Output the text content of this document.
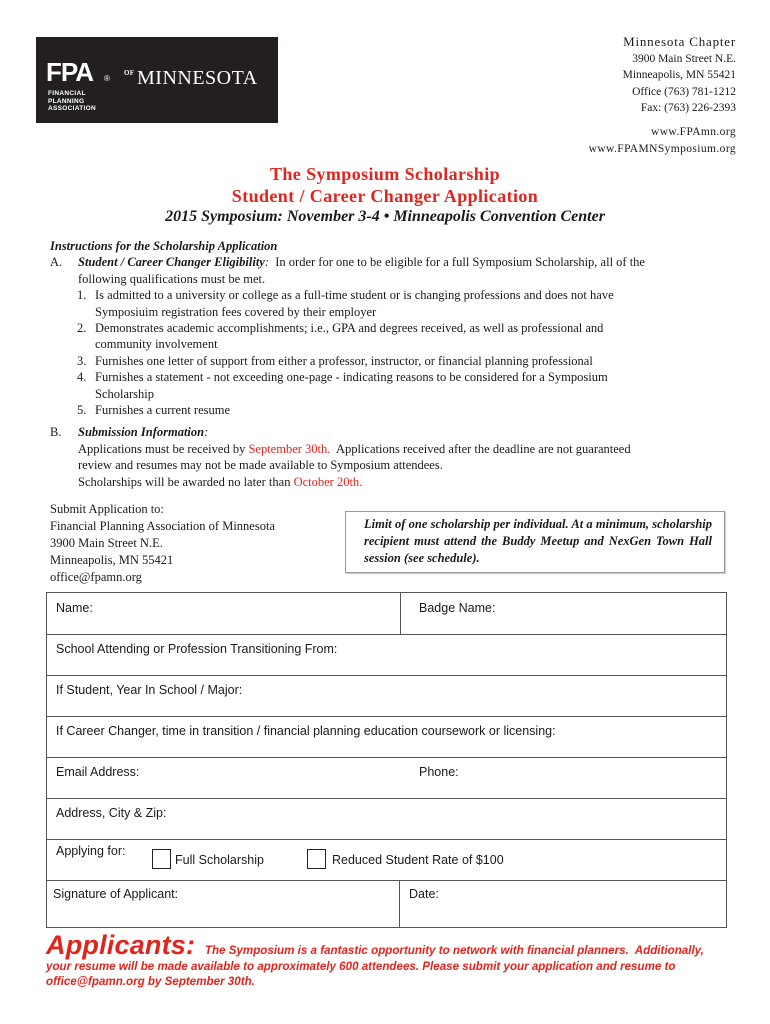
FPA ®
FINANCIAL
PLANNING
ASSOCIATION
OF MINNESOTA
Minnesota Chapter
3900 Main Street N.E.
Minneapolis, MN 55421
Office (763) 781-1212
Fax: (763) 226-2393
www.FPAmn.org
www.FPAMNSymposium.org
The Symposium Scholarship
Student / Career Changer Application
2015 Symposium: November 3-4 • Minneapolis Convention Center
Instructions for the Scholarship Application
A. Student / Career Changer Eligibility:  In order for one to be eligible for a full Symposium Scholarship, all of the
following qualifications must be met.
1. Is admitted to a university or college as a full-time student or is changing professions and does not have
Symposiuim registration fees covered by their employer
2. Demonstrates academic accomplishments; i.e., GPA and degrees received, as well as professional and
community involvement
3. Furnishes one letter of support from either a professor, instructor, or financial planning professional
4. Furnishes a statement - not exceeding one-page - indicating reasons to be considered for a Symposium
Scholarship
5. Furnishes a current resume
B. Submission Information:
Applications must be received by September 30th.  Applications received after the deadline are not guaranteed
review and resumes may not be made available to Symposium attendees.
Scholarships will be awarded no later than October 20th.
Submit Application to:
Financial Planning Association of Minnesota
3900 Main Street N.E.
Minneapolis, MN 55421
office@fpamn.org
Limit of one scholarship per individual. At a minimum, scholarship recipient must attend the Buddy Meetup and NexGen Town Hall session (see schedule).
Name:	Badge Name:
School Attending or Profession Transitioning From:
If Student, Year In School / Major:
If Career Changer, time in transition / financial planning education coursework or licensing:
Email Address:	Phone:
Address, City & Zip:
Applying for:
Full Scholarship	Reduced Student Rate of $100
Signature of Applicant:	Date:
Applicants:   The Symposium is a fantastic opportunity to network with financial planners.  Additionally,
your resume will be made available to approximately 600 attendees. Please submit your application and resume to
office@fpamn.org by September 30th.
